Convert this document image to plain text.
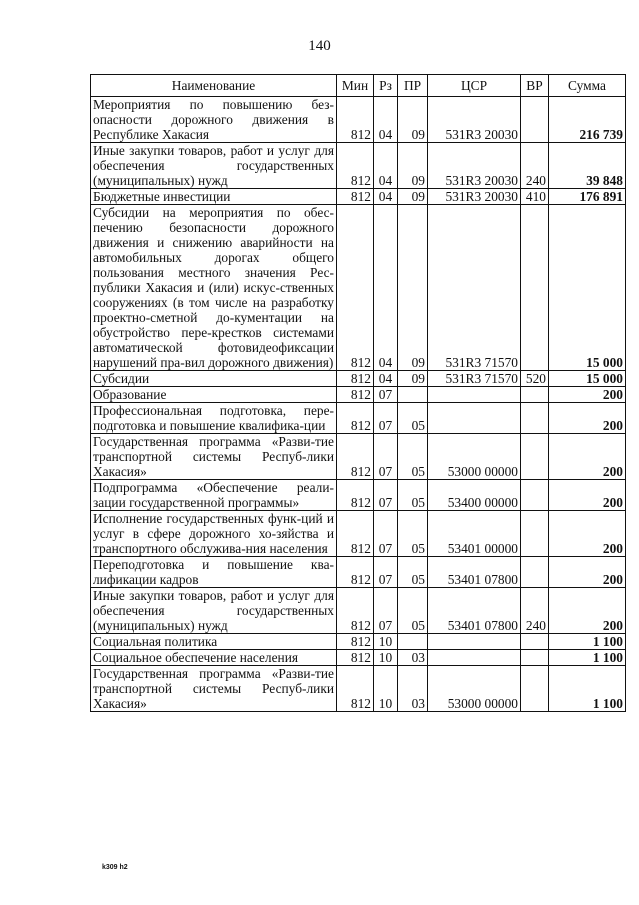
140
Наименование	Мин	Рз	ПР	ЦСР	ВР	Сумма
Мероприятия по повышению без-опасности дорожного движения в Республике Хакасия	812	04	09	531R3 20030		216 739
Иные закупки товаров, работ и услуг для обеспечения государственных (муниципальных) нужд	812	04	09	531R3 20030	240	39 848
Бюджетные инвестиции	812	04	09	531R3 20030	410	176 891
Субсидии на мероприятия по обес-печению безопасности дорожного движения и снижению аварийности на автомобильных дорогах общего пользования местного значения Рес-публики Хакасия и (или) искус-ственных сооружениях (в том числе на разработку проектно-сметной до-кументации на обустройство пере-крестков системами автоматической фотовидеофиксации нарушений пра-вил дорожного движения)	812	04	09	531R3 71570		15 000
Субсидии	812	04	09	531R3 71570	520	15 000
Образование	812	07				200
Профессиональная подготовка, пере-подготовка и повышение квалифика-ции	812	07	05			200
Государственная программа «Разви-тие транспортной системы Респуб-лики Хакасия»	812	07	05	53000 00000		200
Подпрограмма «Обеспечение реали-зации государственной программы»	812	07	05	53400 00000		200
Исполнение государственных функ-ций и услуг в сфере дорожного хо-зяйства и транспортного обслужива-ния населения	812	07	05	53401 00000		200
Переподготовка и повышение ква-лификации кадров	812	07	05	53401 07800		200
Иные закупки товаров, работ и услуг для обеспечения государственных (муниципальных) нужд	812	07	05	53401 07800	240	200
Социальная политика	812	10				1 100
Социальное обеспечение населения	812	10	03			1 100
Государственная программа «Разви-тие транспортной системы Респуб-лики Хакасия»	812	10	03	53000 00000		1 100
k309 h2
